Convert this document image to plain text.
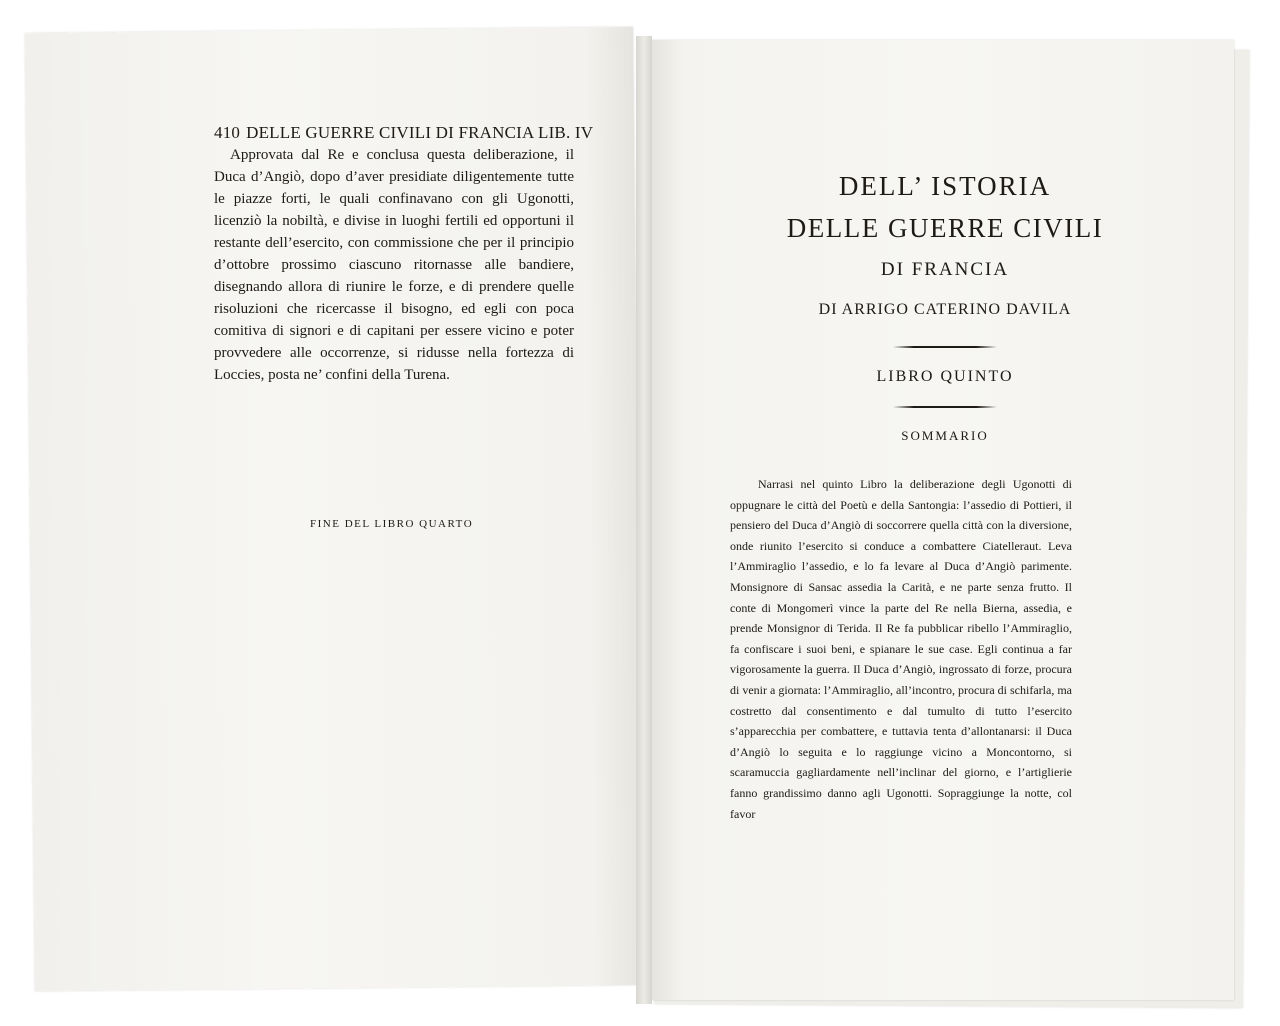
410 DELLE GUERRE CIVILI DI FRANCIA LIB. IV

Approvata dal Re e conclusa questa deliberazione, il Duca d’Angiò, dopo d’aver presidiate diligentemente tutte le piazze forti, le quali confinavano con gli Ugonotti, licenziò la nobiltà, e divise in luoghi fertili ed opportuni il restante dell’esercito, con commissione che per il principio d’ottobre prossimo ciascuno ritornasse alle bandiere, disegnando allora di riunire le forze, e di prendere quelle risoluzioni che ricercasse il bisogno, ed egli con poca comitiva di signori e di capitani per essere vicino e poter provvedere alle occorrenze, si ridusse nella fortezza di Loccies, posta ne’ confini della Turena.

FINE DEL LIBRO QUARTO
DELL’ ISTORIA
DELLE GUERRE CIVILI
DI FRANCIA
DI ARRIGO CATERINO DAVILA
LIBRO QUINTO
SOMMARIO

Narrasi nel quinto Libro la deliberazione degli Ugonotti di oppugnare le città del Poetù e della Santongia: l’assedio di Pottieri, il pensiero del Duca d’Angiò di soccorrere quella città con la diversione, onde riunito l’esercito si conduce a combattere Ciatelleraut. Leva l’Ammiraglio l’assedio, e lo fa levare al Duca d’Angiò parimente. Monsignore di Sansac assedia la Carità, e ne parte senza frutto. Il conte di Mongomerì vince la parte del Re nella Bierna, assedia, e prende Monsignor di Terida. Il Re fa pubblicar ribello l’Ammiraglio, fa confiscare i suoi beni, e spianare le sue case. Egli continua a far vigorosamente la guerra. Il Duca d’Angiò, ingrossato di forze, procura di venir a giornata: l’Ammiraglio, all’incontro, procura di schifarla, ma costretto dal consentimento e dal tumulto di tutto l’esercito s’apparecchia per combattere, e tuttavia tenta d’allontanarsi: il Duca d’Angiò lo seguita e lo raggiunge vicino a Moncontorno, si scaramuccia gagliardamente nell’inclinar del giorno, e l’artiglierie fanno grandissimo danno agli Ugonotti. Sopraggiunge la notte, col favor
